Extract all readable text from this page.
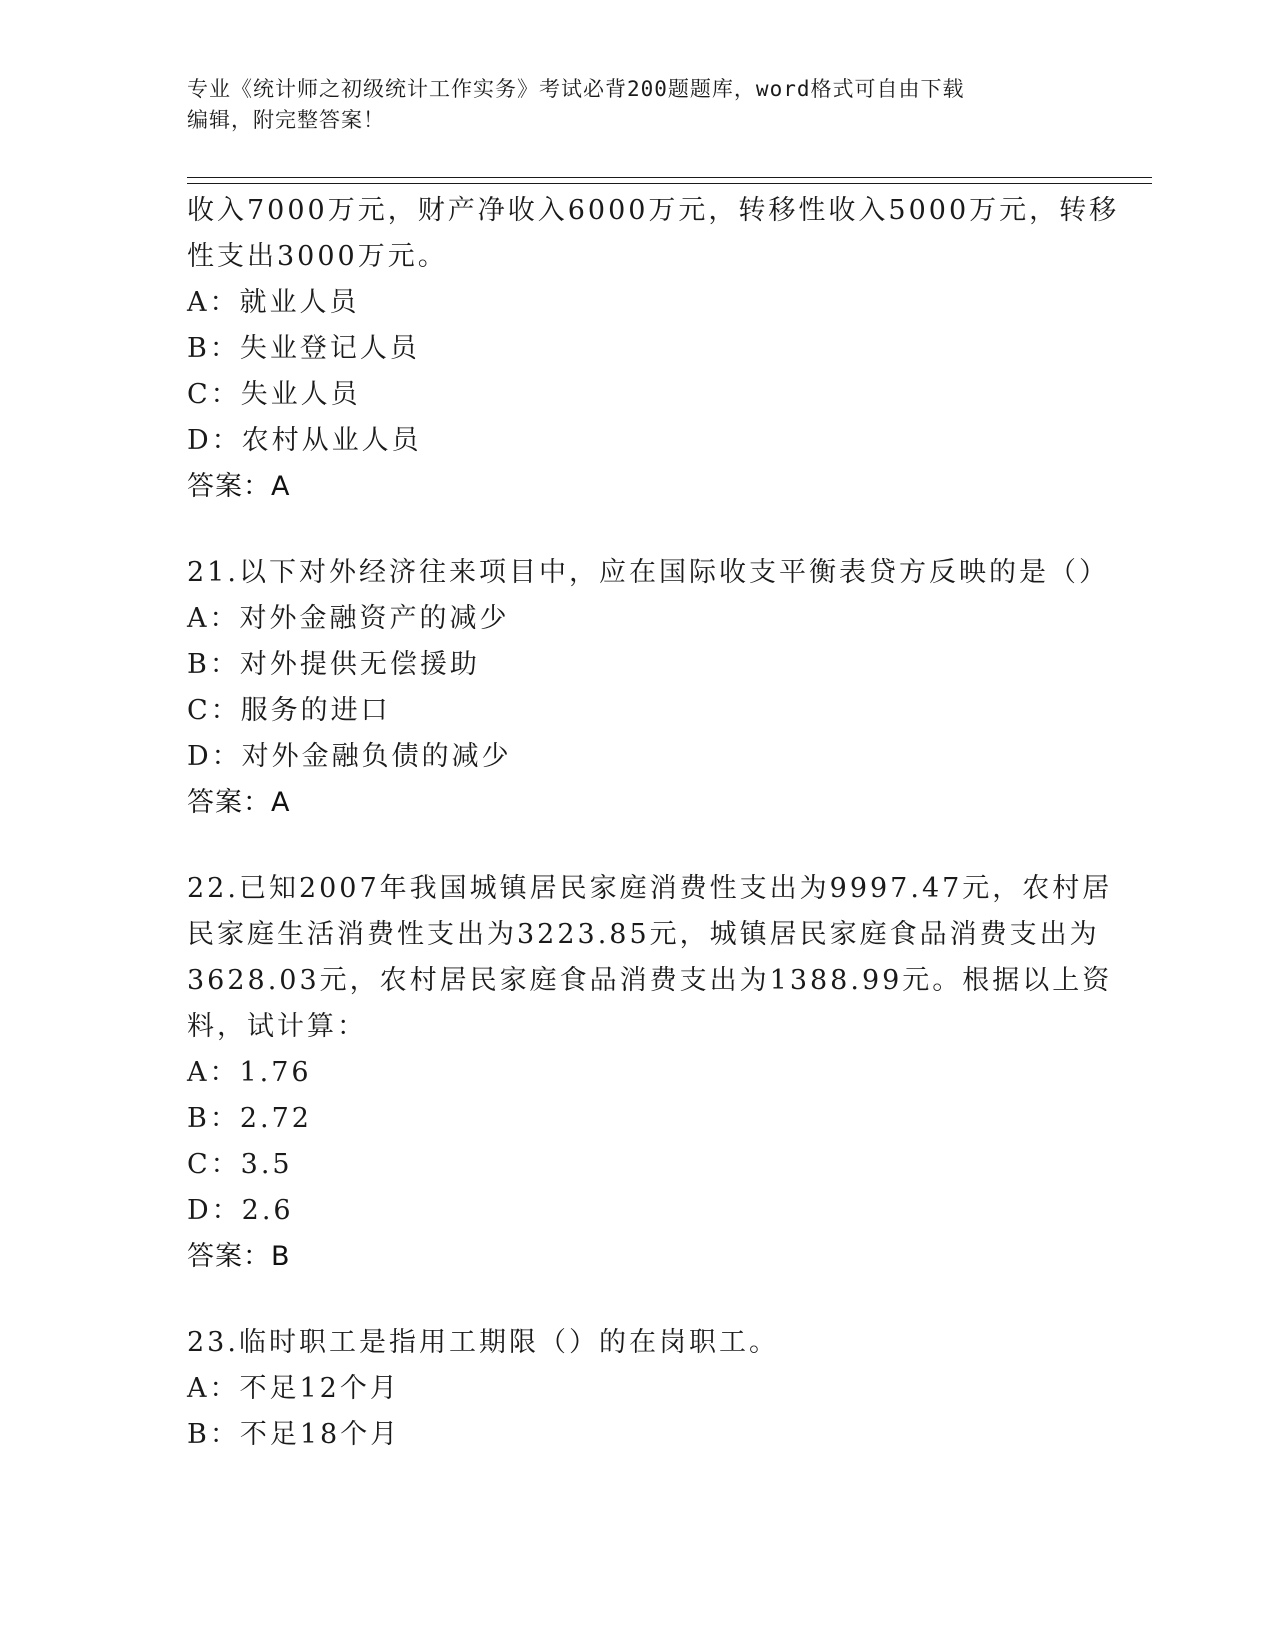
专业《统计师之初级统计工作实务》考试必背200题题库，word格式可自由下载
编辑，附完整答案！
收入7000万元，财产净收入6000万元，转移性收入5000万元，转移
性支出3000万元。
A：就业人员
B：失业登记人员
C：失业人员
D：农村从业人员
答案：A
21.以下对外经济往来项目中，应在国际收支平衡表贷方反映的是（）
A：对外金融资产的减少
B：对外提供无偿援助
C：服务的进口
D：对外金融负债的减少
答案：A
22.已知2007年我国城镇居民家庭消费性支出为9997.47元，农村居
民家庭生活消费性支出为3223.85元，城镇居民家庭食品消费支出为
3628.03元，农村居民家庭食品消费支出为1388.99元。根据以上资
料，试计算：
A：1.76
B：2.72
C：3.5
D：2.6
答案：B
23.临时职工是指用工期限（）的在岗职工。
A：不足12个月
B：不足18个月
